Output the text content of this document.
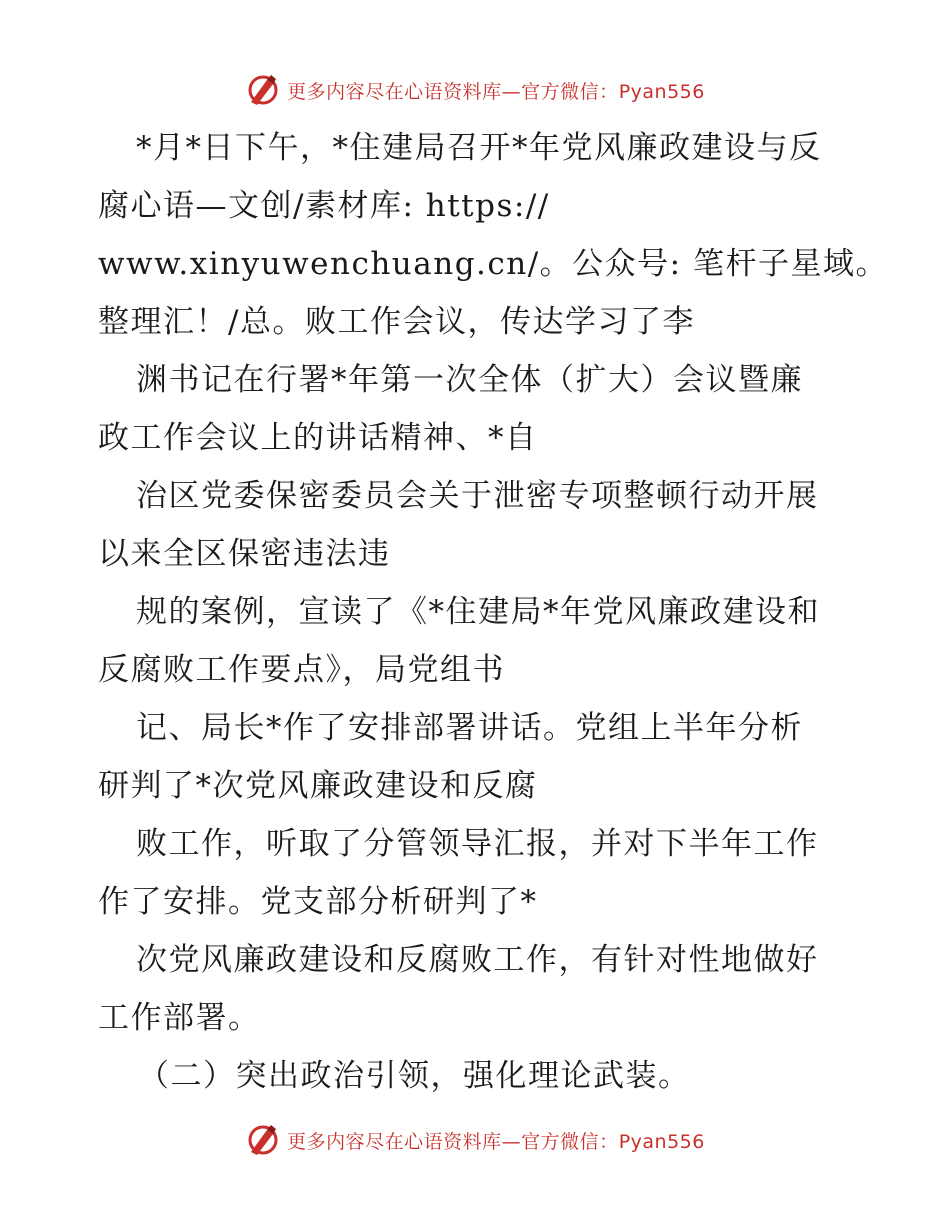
更多内容尽在心语资料库—官方微信：Pyan556
*月*日下午，*住建局召开*年党风廉政建设与反
腐心语—文创/素材库: https://
www.xinyuwenchuang.cn/。公众号: 笔杆子星域。
整理汇！/总。败工作会议，传达学习了李
渊书记在行署*年第一次全体（扩大）会议暨廉
政工作会议上的讲话精神、*自
治区党委保密委员会关于泄密专项整顿行动开展
以来全区保密违法违
规的案例，宣读了《*住建局*年党风廉政建设和
反腐败工作要点》，局党组书
记、局长*作了安排部署讲话。党组上半年分析
研判了*次党风廉政建设和反腐
败工作，听取了分管领导汇报，并对下半年工作
作了安排。党支部分析研判了*
次党风廉政建设和反腐败工作，有针对性地做好
工作部署。
（二）突出政治引领，强化理论武装。
更多内容尽在心语资料库—官方微信：Pyan556
